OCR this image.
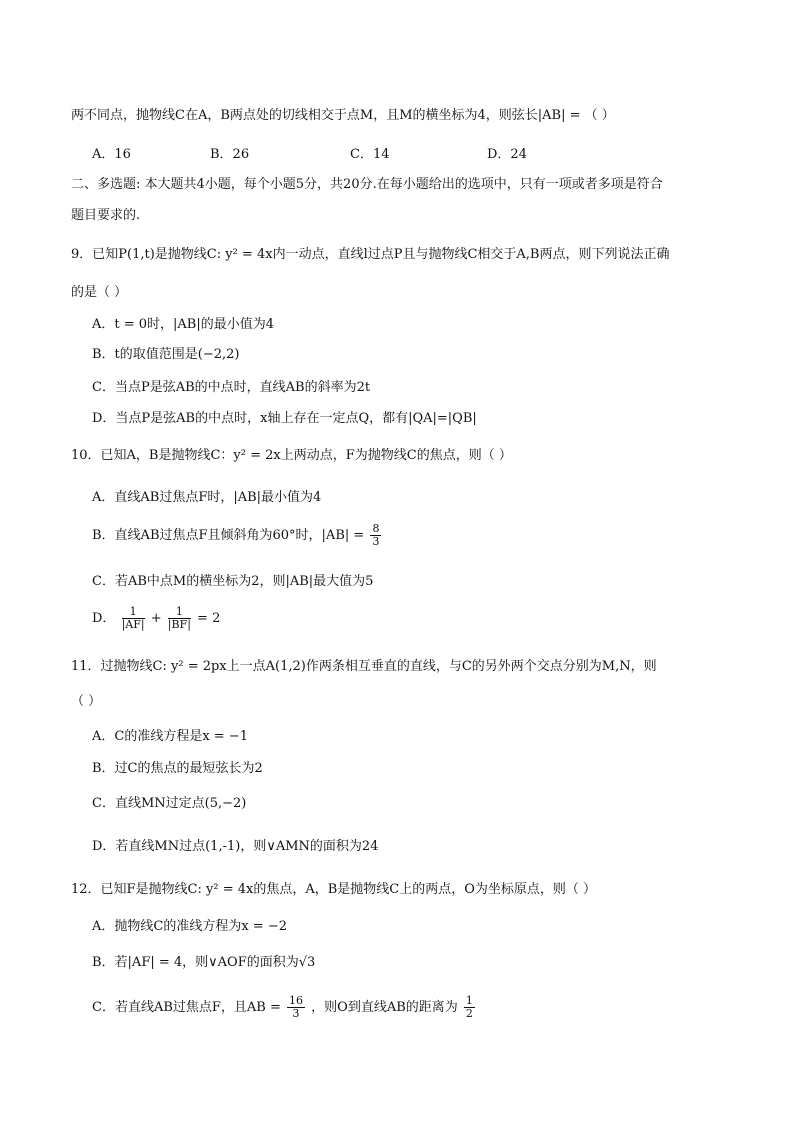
两不同点，抛物线C在A，B两点处的切线相交于点M，且M的横坐标为4，则弦长|AB| = （ ）
A．16	B．26	C．14	D．24
二、多选题: 本大题共4小题，每个小题5分，共20分.在每小题给出的选项中，只有一项或者多项是符合
题目要求的.
9．已知P(1,t)是抛物线C: y² = 4x内一动点，直线l过点P且与抛物线C相交于A,B两点，则下列说法正确
的是（ ）
A．t = 0时，|AB|的最小值为4
B．t的取值范围是(−2,2)
C．当点P是弦AB的中点时，直线AB的斜率为2t
D．当点P是弦AB的中点时，x轴上存在一定点Q，都有|QA|=|QB|
10．已知A，B是抛物线C：y² = 2x上两动点，F为抛物线C的焦点，则（ ）
A．直线AB过焦点F时，|AB|最小值为4
B．直线AB过焦点F且倾斜角为60°时，$|AB| = \frac{8}{3}$
C．若AB中点M的横坐标为2，则|AB|最大值为5
D． $\frac{1}{|AF|} + \frac{1}{|BF|} = 2$
11．过抛物线C: y² = 2px上一点A(1,2)作两条相互垂直的直线，与C的另外两个交点分别为M,N，则
（ ）
A．C的准线方程是x = −1
B．过C的焦点的最短弦长为2
C．直线MN过定点(5,−2)
D．若直线MN过点(1,-1)，则∨AMN的面积为24
12．已知F是抛物线C: y² = 4x的焦点，A，B是抛物线C上的两点，O为坐标原点，则（ ）
A．抛物线C的准线方程为x = −2
B．若|AF| = 4，则∨AOF的面积为√3
C．若直线AB过焦点F，且AB = $\frac{16}{3}$ ，则O到直线AB的距离为 $\frac{1}{2}$
